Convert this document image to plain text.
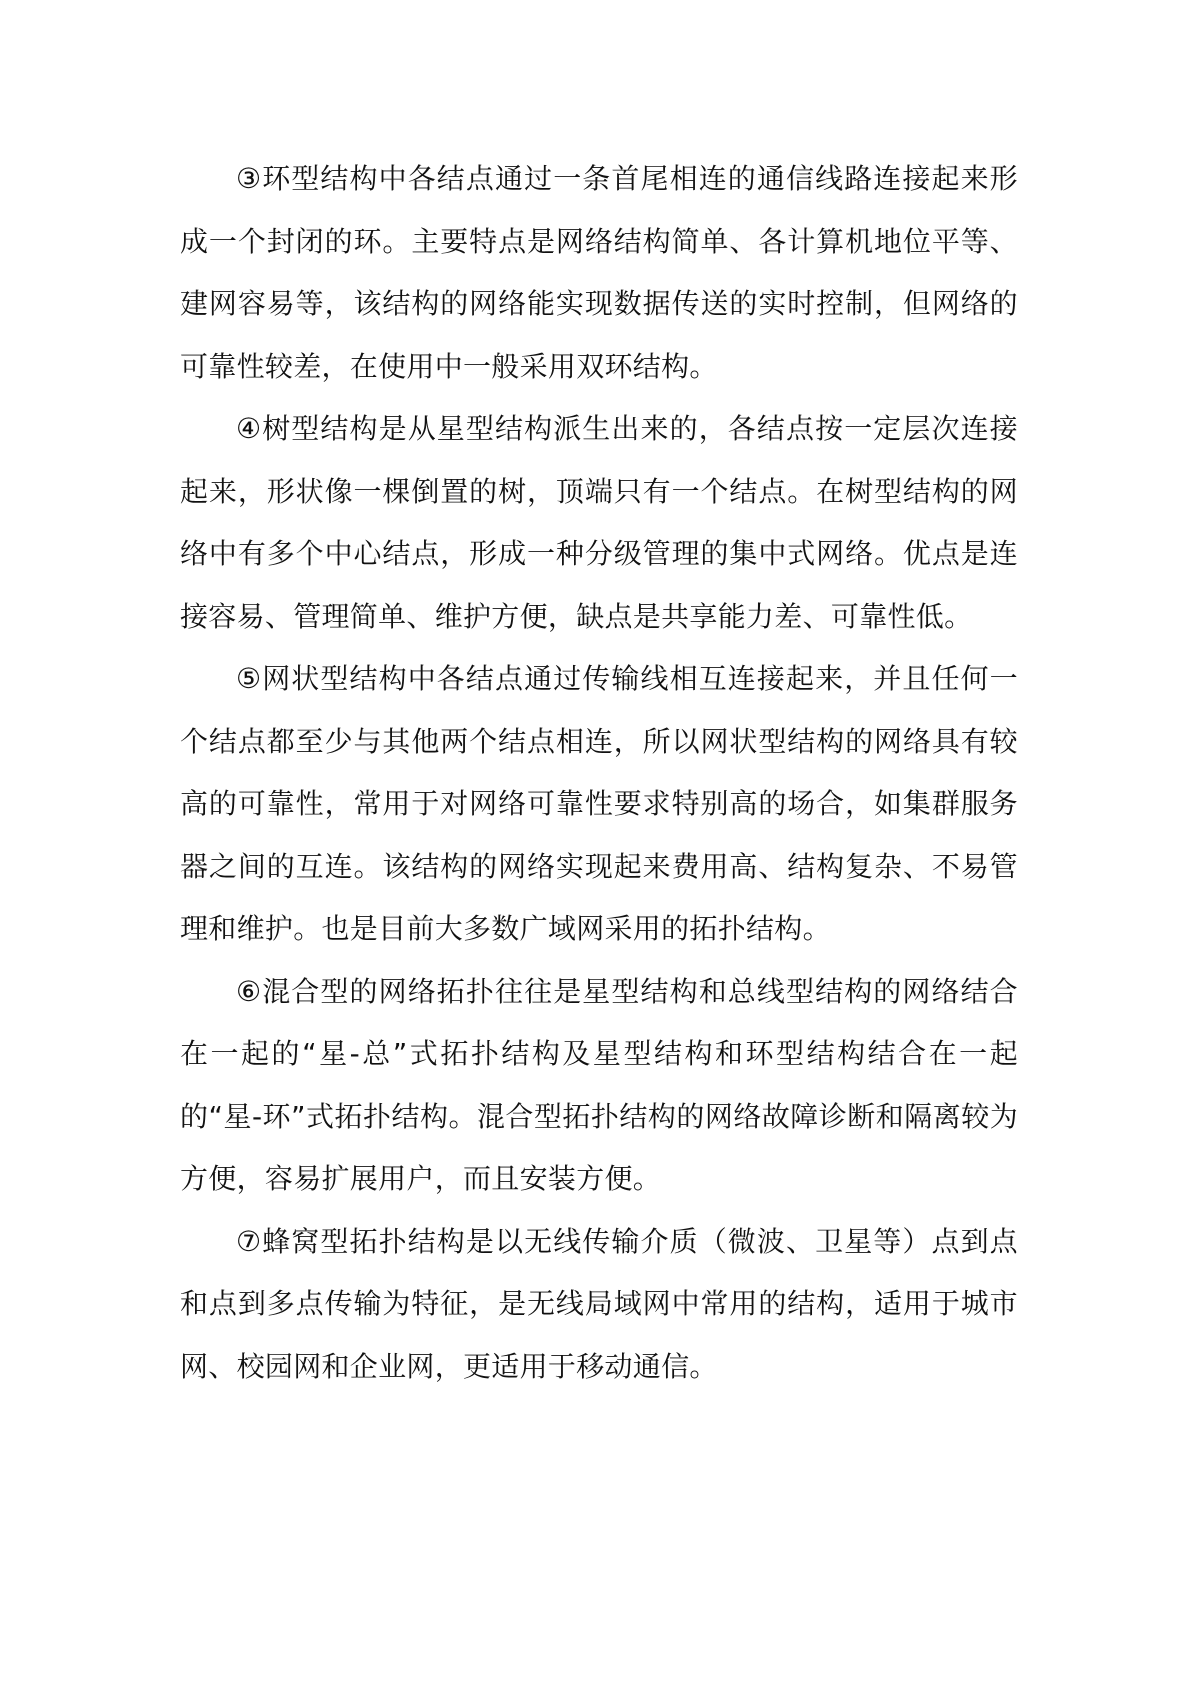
③环型结构中各结点通过一条首尾相连的通信线路连接起来形成一个封闭的环。主要特点是网络结构简单、各计算机地位平等、建网容易等，该结构的网络能实现数据传送的实时控制，但网络的可靠性较差，在使用中一般采用双环结构。

④树型结构是从星型结构派生出来的，各结点按一定层次连接起来，形状像一棵倒置的树，顶端只有一个结点。在树型结构的网络中有多个中心结点，形成一种分级管理的集中式网络。优点是连接容易、管理简单、维护方便，缺点是共享能力差、可靠性低。

⑤网状型结构中各结点通过传输线相互连接起来，并且任何一个结点都至少与其他两个结点相连，所以网状型结构的网络具有较高的可靠性，常用于对网络可靠性要求特别高的场合，如集群服务器之间的互连。该结构的网络实现起来费用高、结构复杂、不易管理和维护。也是目前大多数广域网采用的拓扑结构。

⑥混合型的网络拓扑往往是星型结构和总线型结构的网络结合在一起的“星-总”式拓扑结构及星型结构和环型结构结合在一起的“星-环”式拓扑结构。混合型拓扑结构的网络故障诊断和隔离较为方便，容易扩展用户，而且安装方便。

⑦蜂窝型拓扑结构是以无线传输介质（微波、卫星等）点到点和点到多点传输为特征，是无线局域网中常用的结构，适用于城市网、校园网和企业网，更适用于移动通信。
